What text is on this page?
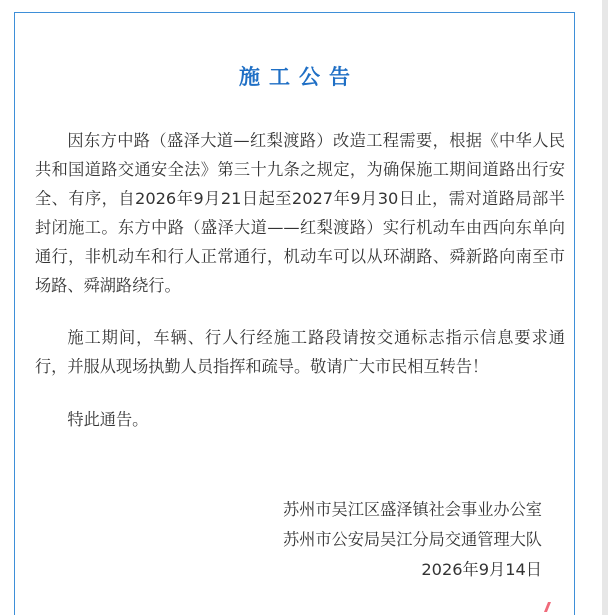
施工公告

因东方中路（盛泽大道—红梨渡路）改造工程需要，根据《中华人民共和国道路交通安全法》第三十九条之规定，为确保施工期间道路出行安全、有序，自2026年9月21日起至2027年9月30日止，需对道路局部半封闭施工。东方中路（盛泽大道——红梨渡路）实行机动车由西向东单向通行，非机动车和行人正常通行，机动车可以从环湖路、舜新路向南至市场路、舜湖路绕行。

施工期间，车辆、行人行经施工路段请按交通标志指示信息要求通行，并服从现场执勤人员指挥和疏导。敬请广大市民相互转告！

特此通告。

苏州市吴江区盛泽镇社会事业办公室
苏州市公安局吴江分局交通管理大队
2026年9月14日
